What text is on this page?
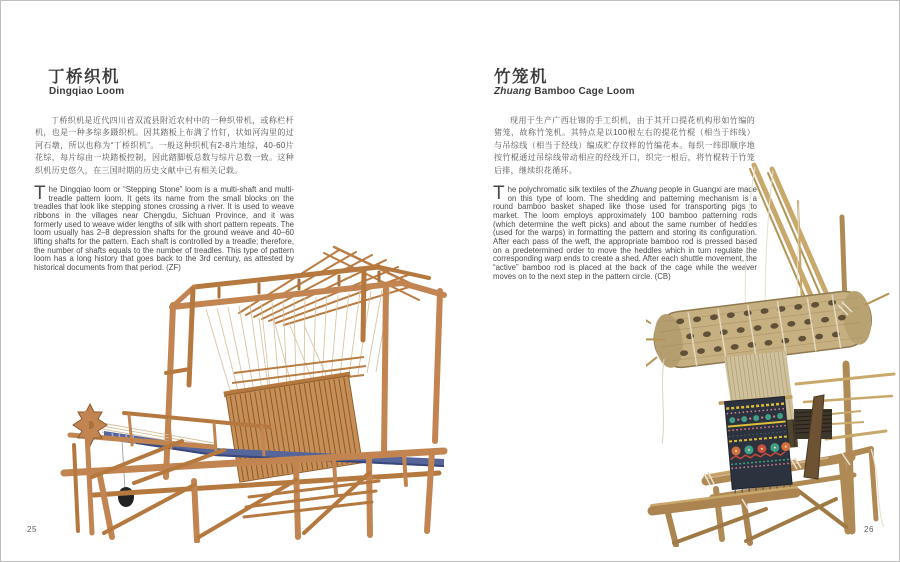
丁桥织机
Dingqiao Loom
丁桥织机是近代四川省双流县附近农村中的一种织带机，或称栏杆机，也是一种多综多蹑织机。因其踏板上布满了竹钉，状如河沟里的过河石墩，所以也称为“丁桥织机”。一般这种织机有2-8片地综，40-60片花综，每片综由一块踏板控制，因此踏脚板总数与综片总数一致。这种织机历史悠久，在三国时期的历史文献中已有相关记载。
The Dingqiao loom or “Stepping Stone” loom is a multi-shaft and multi-treadle pattern loom. It gets its name from the small blocks on the treadles that look like stepping stones crossing a river. It is used to weave ribbons in the villages near Chengdu, Sichuan Province, and it was formerly used to weave wider lengths of silk with short pattern repeats. The loom usually has 2–8 depression shafts for the ground weave and 40–60 lifting shafts for the pattern. Each shaft is controlled by a treadle; therefore, the number of shafts equals to the number of treadles. This type of pattern loom has a long history that goes back to the 3rd century, as attested by historical documents from that period. (ZF)
25
竹笼机
Zhuang Bamboo Cage Loom
现用于生产广西壮锦的手工织机，由于其开口提花机构形如竹编的猪笼，故称竹笼机。其特点是以100根左右的提花竹棍（相当于纬线）与吊综线（相当于经线）编成贮存纹样的竹编花本。每织一纬即顺序地按竹棍通过吊综线带动相应的经线开口，织完一根后，将竹棍转于竹笼后排，继续织花循环。
The polychromatic silk textiles of the Zhuang people in Guangxi are made on this type of loom. The shedding and patterning mechanism is a round bamboo basket shaped like those used for transporting pigs to market. The loom employs approximately 100 bamboo patterning rods (which determine the weft picks) and about the same number of heddles (used for the warps) in formatting the pattern and storing its configuration. After each pass of the weft, the appropriate bamboo rod is pressed based on a predetermined order to move the heddles which in turn regulate the corresponding warp ends to create a shed. After each shuttle movement, the “active” bamboo rod is placed at the back of the cage while the weaver moves on to the next step in the pattern circle. (CB)
26
